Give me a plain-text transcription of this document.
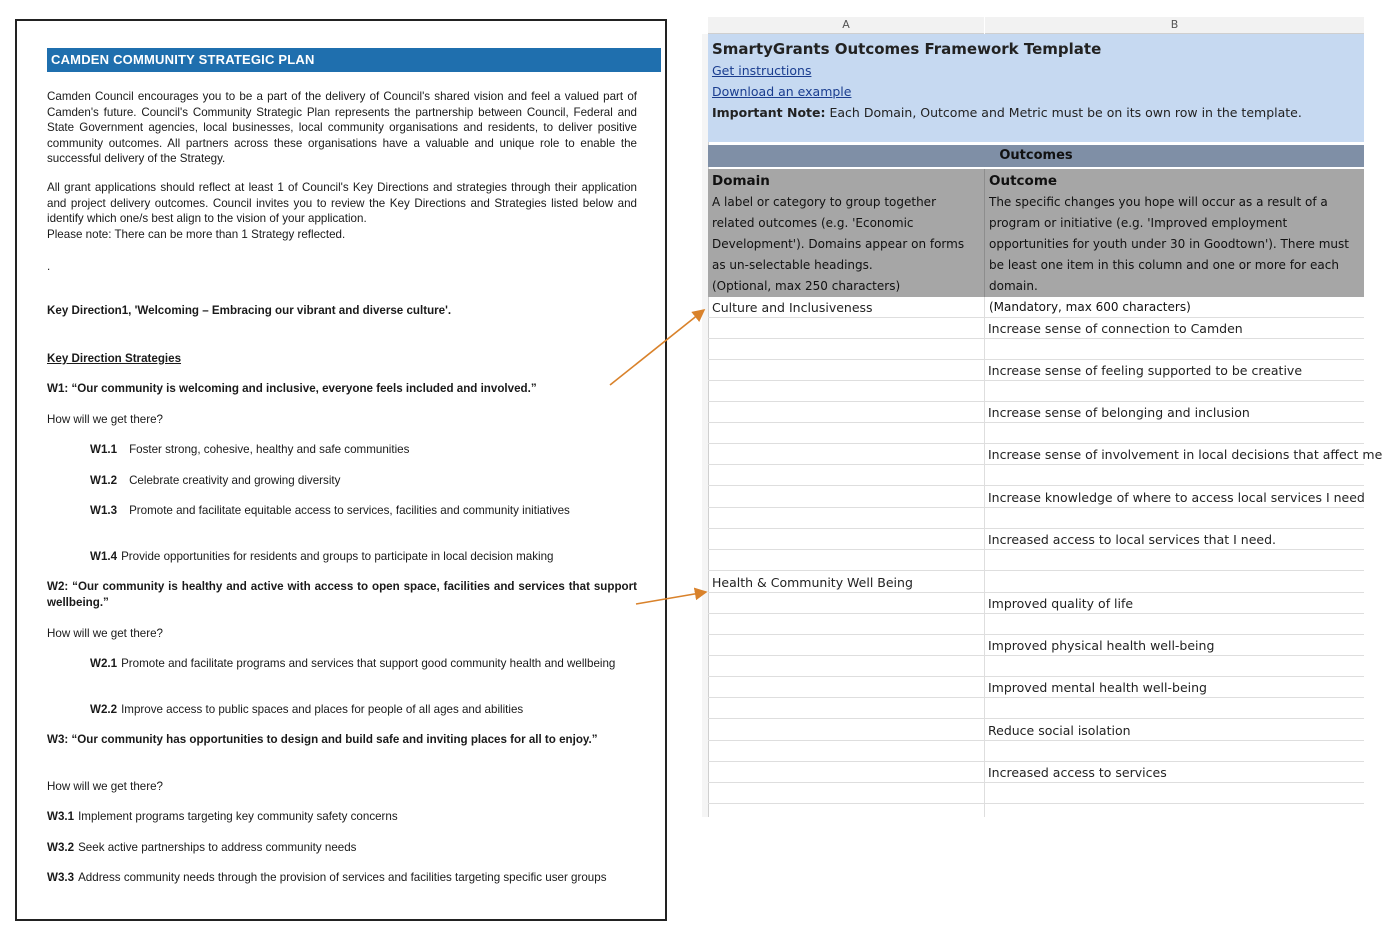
CAMDEN COMMUNITY STRATEGIC PLAN
Camden Council encourages you to be a part of the delivery of Council's shared vision and feel a valued part of Camden's future. Council's Community Strategic Plan represents the partnership between Council, Federal and State Government agencies, local businesses, local community organisations and residents, to deliver positive community outcomes. All partners across these organisations have a valuable and unique role to enable the successful delivery of the Strategy.
All grant applications should reflect at least 1 of Council's Key Directions and strategies through their application and project delivery outcomes. Council invites you to review the Key Directions and Strategies listed below and identify which one/s best align to the vision of your application.
Please note: There can be more than 1 Strategy reflected.
.
Key Direction1, 'Welcoming – Embracing our vibrant and diverse culture'.
Key Direction Strategies
W1: “Our community is welcoming and inclusive, everyone feels included and involved.”
How will we get there?
W1.1 Foster strong, cohesive, healthy and safe communities
W1.2 Celebrate creativity and growing diversity
W1.3 Promote and facilitate equitable access to services, facilities and community initiatives
W1.4 Provide opportunities for residents and groups to participate in local decision making
W2: “Our community is healthy and active with access to open space, facilities and services that support wellbeing.”
How will we get there?
W2.1 Promote and facilitate programs and services that support good community health and wellbeing
W2.2 Improve access to public spaces and places for people of all ages and abilities
W3: “Our community has opportunities to design and build safe and inviting places for all to enjoy.”
How will we get there?
W3.1 Implement programs targeting key community safety concerns
W3.2 Seek active partnerships to address community needs
W3.3 Address community needs through the provision of services and facilities targeting specific user groups
A	B
SmartyGrants Outcomes Framework Template
Get instructions
Download an example
Important Note: Each Domain, Outcome and Metric must be on its own row in the template.
Outcomes
Domain
A label or category to group together related outcomes (e.g. 'Economic Development'). Domains appear on forms as un-selectable headings.
(Optional, max 250 characters)
Outcome
The specific changes you hope will occur as a result of a program or initiative (e.g. 'Improved employment opportunities for youth under 30 in Goodtown'). There must be least one item in this column and one or more for each domain.
(Mandatory, max 600 characters)
Culture and Inclusiveness
Increase sense of connection to Camden
Increase sense of feeling supported to be creative
Increase sense of belonging and inclusion
Increase sense of involvement in local decisions that affect me
Increase knowledge of where to access local services I need
Increased access to local services that I need.
Health & Community Well Being
Improved quality of life
Improved physical health well-being
Improved mental health well-being
Reduce social isolation
Increased access to services
